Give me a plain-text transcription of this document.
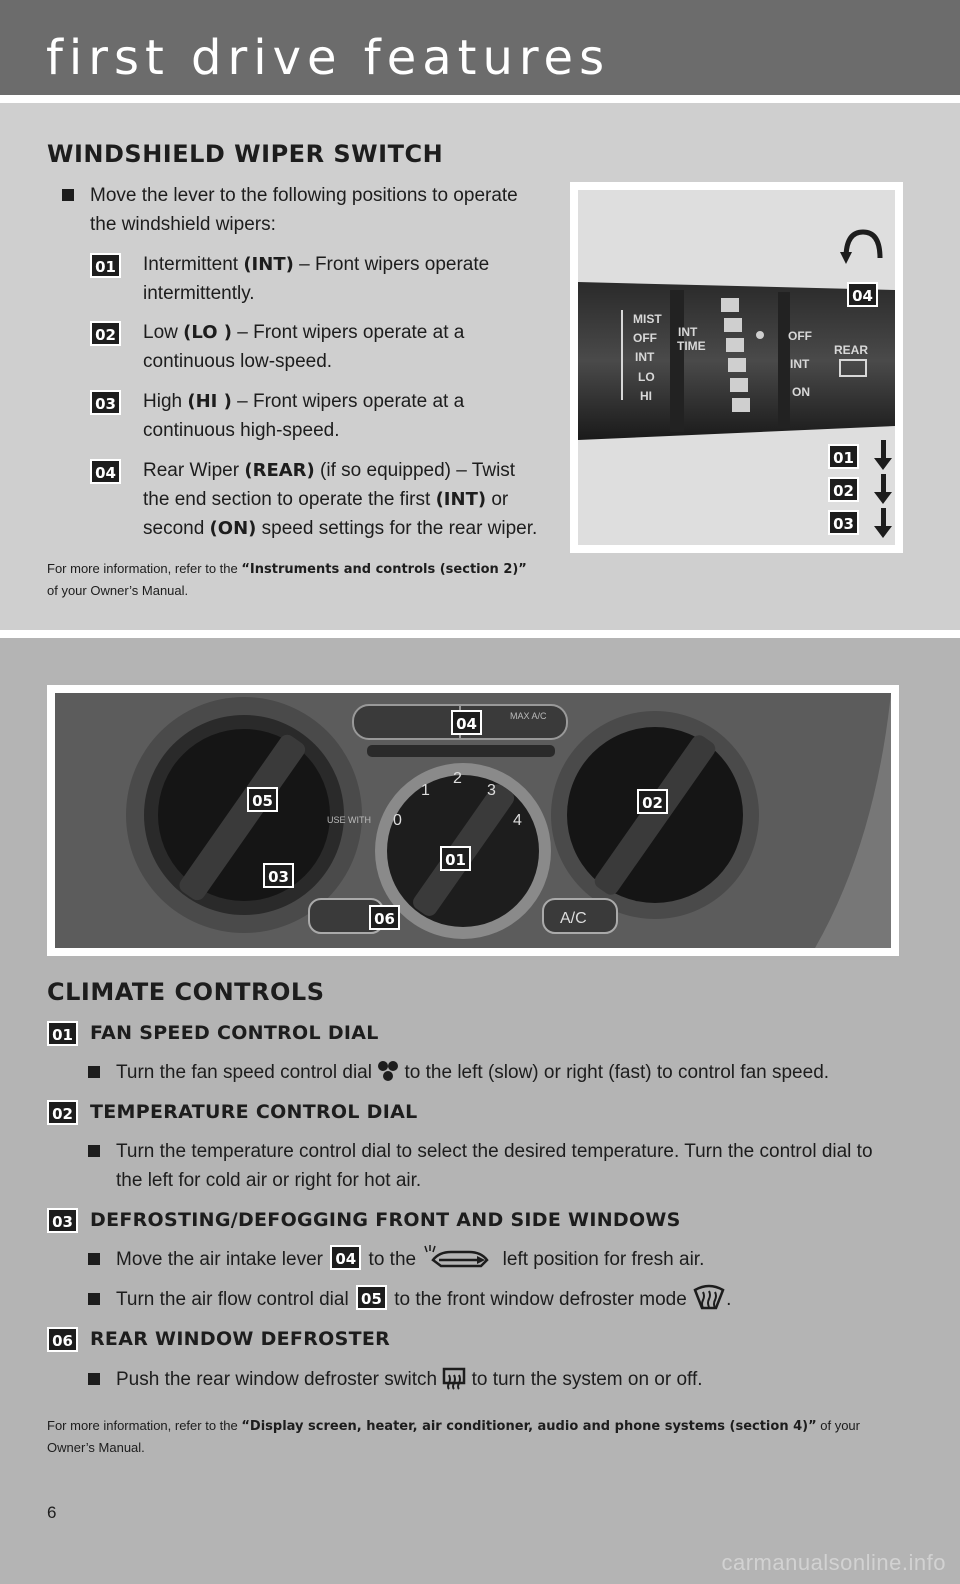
first drive features
WINDSHIELD WIPER SWITCH
Move the lever to the following positions to operate
the windshield wipers:
01 Intermittent (INT) – Front wipers operate
intermittently.
02 Low (LO ) – Front wipers operate at a
continuous low-speed.
03 High (HI ) – Front wipers operate at a
continuous high-speed.
04 Rear Wiper (REAR) (if so equipped) – Twist
the end section to operate the first (INT) or
second (ON) speed settings for the rear wiper.
For more information, refer to the “Instruments and controls (section 2)”
of your Owner’s Manual.
MIST
OFF
INT
LO
HI
INT
TIME
OFF
INT
ON
REAR
04
01
02
03
MAX A/C
USE WITH 0
1
2
3
4
A/C
04
05	02
03
01
06
CLIMATE CONTROLS
01 FAN SPEED CONTROL DIAL
Turn the fan speed control dial  to the left (slow) or right (fast) to control fan speed.
02 TEMPERATURE CONTROL DIAL
Turn the temperature control dial to select the desired temperature. Turn the control dial to
the left for cold air or right for hot air.
03 DEFROSTING/DEFOGGING FRONT AND SIDE WINDOWS
Move the air intake lever 04 to the	left position for fresh air.
Turn the air flow control dial 05 to the front window defroster mode .
06 REAR WINDOW DEFROSTER
Push the rear window defroster switch  to turn the system on or off.
For more information, refer to the “Display screen, heater, air conditioner, audio and phone systems (section 4)” of your
Owner’s Manual.
6
carmanualsonline.info
